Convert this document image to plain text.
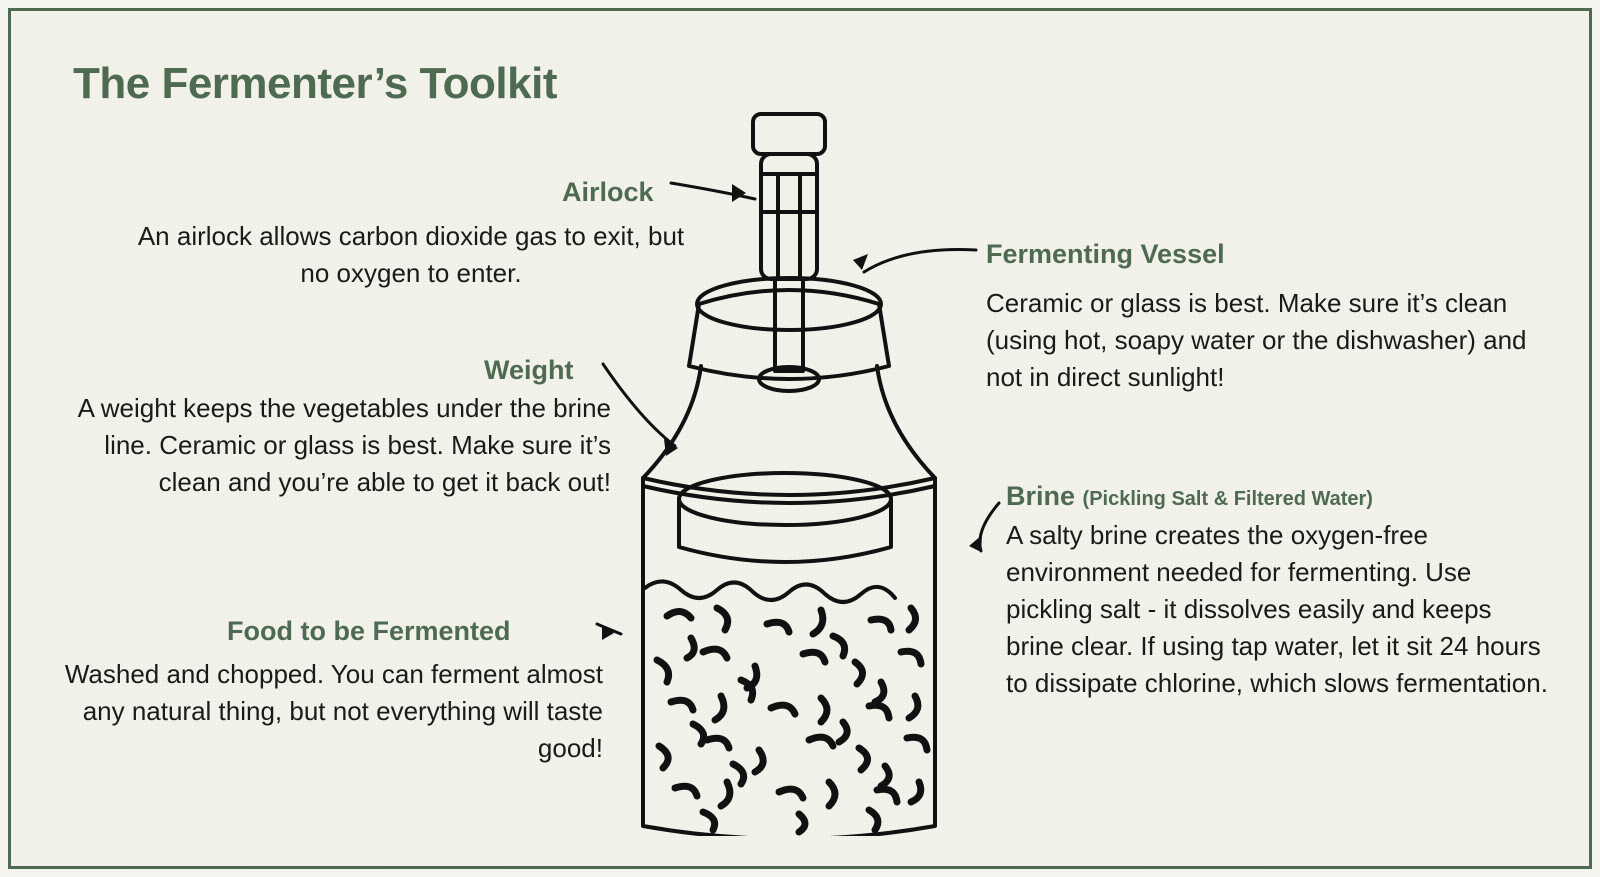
The Fermenter’s Toolkit
Airlock
An airlock allows carbon dioxide gas to exit, but no oxygen to enter.
Fermenting Vessel
Ceramic or glass is best. Make sure it’s clean (using hot, soapy water or the dishwasher) and not in direct sunlight!
Weight
A weight keeps the vegetables under the brine line. Ceramic or glass is best. Make sure it’s clean and you’re able to get it back out!	Brine (Pickling Salt & Filtered Water)
A salty brine creates the oxygen-free environment needed for fermenting. Use pickling salt - it dissolves easily and keeps brine clear. If using tap water, let it sit 24 hours to dissipate chlorine, which slows fermentation.
Food to be Fermented
Washed and chopped. You can ferment almost any natural thing, but not everything will taste good!
